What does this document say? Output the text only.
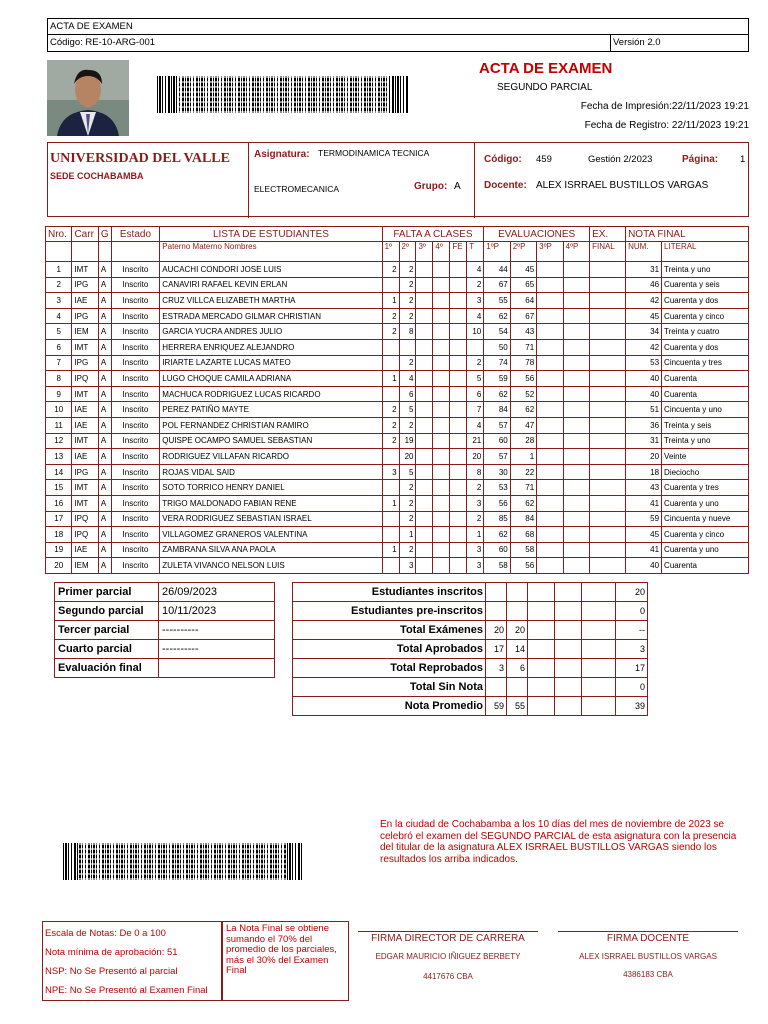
ACTA DE EXAMEN
Código: RE-10-ARG-001	Versión 2.0
ACTA DE EXAMEN
SEGUNDO PARCIAL
Fecha de Impresión:22/11/2023 19:21
Fecha de Registro: 22/11/2023 19:21
UNIVERSIDAD DEL VALLE
SEDE COCHABAMBA
Asignatura: TERMODINAMICA TECNICA
ELECTROMECANICA	Grupo: A
Código: 459	Gestión 2/2023	Página: 1
Docente: ALEX ISRRAEL BUSTILLOS VARGAS
Nro.	Carr	G	Estado	LISTA DE ESTUDIANTES	FALTA A CLASES						EVALUACIONES				EX.	NOTA FINAL	
				Paterno Materno Nombres	1º	2º	3º	4º	FE	T	1ºP	2ºP	3ºP	4ºP	FINAL	NUM.	LITERAL
1	IMT	A	Inscrito	AUCACHI CONDORI JOSE LUIS	2	2				4	44	45				31	Treinta y uno
2	IPG	A	Inscrito	CANAVIRI RAFAEL KEVIN ERLAN		2				2	67	65				46	Cuarenta y seis
3	IAE	A	Inscrito	CRUZ VILLCA ELIZABETH MARTHA	1	2				3	55	64				42	Cuarenta y dos
4	IPG	A	Inscrito	ESTRADA MERCADO GILMAR CHRISTIAN	2	2				4	62	67				45	Cuarenta y cinco
5	IEM	A	Inscrito	GARCIA YUCRA ANDRES JULIO	2	8				10	54	43				34	Treinta y cuatro
6	IMT	A	Inscrito	HERRERA ENRIQUEZ ALEJANDRO							50	71				42	Cuarenta y dos
7	IPG	A	Inscrito	IRIARTE LAZARTE LUCAS MATEO		2				2	74	78				53	Cincuenta y tres
8	IPQ	A	Inscrito	LUGO CHOQUE CAMILA ADRIANA	1	4				5	59	56				40	Cuarenta
9	IMT	A	Inscrito	MACHUCA RODRIGUEZ LUCAS RICARDO		6				6	62	52				40	Cuarenta
10	IAE	A	Inscrito	PEREZ PATIÑO MAYTE	2	5				7	84	62				51	Cincuenta y uno
11	IAE	A	Inscrito	POL FERNANDEZ CHRISTIAN RAMIRO	2	2				4	57	47				36	Treinta y seis
12	IMT	A	Inscrito	QUISPE OCAMPO SAMUEL SEBASTIAN	2	19				21	60	28				31	Treinta y uno
13	IAE	A	Inscrito	RODRIGUEZ VILLAFAN RICARDO		20				20	57	1				20	Veinte
14	IPG	A	Inscrito	ROJAS VIDAL SAID	3	5				8	30	22				18	Dieciocho
15	IMT	A	Inscrito	SOTO TORRICO HENRY DANIEL		2				2	53	71				43	Cuarenta y tres
16	IMT	A	Inscrito	TRIGO MALDONADO FABIAN RENE	1	2				3	56	62				41	Cuarenta y uno
17	IPQ	A	Inscrito	VERA RODRIGUEZ SEBASTIAN ISRAEL		2				2	85	84				59	Cincuenta y nueve
18	IPQ	A	Inscrito	VILLAGOMEZ GRANEROS VALENTINA		1				1	62	68				45	Cuarenta y cinco
19	IAE	A	Inscrito	ZAMBRANA SILVA ANA PAOLA	1	2				3	60	58				41	Cuarenta y uno
20	IEM	A	Inscrito	ZULETA VIVANCO NELSON LUIS		3				3	58	56				40	Cuarenta
Primer parcial	26/09/2023
Segundo parcial	10/11/2023
Tercer parcial	----------
Cuarto parcial	----------
Evaluación final	
Estudiantes inscritos						20
Estudiantes pre-inscritos						0
Total Exámenes	20	20				--
Total Aprobados	17	14				3
Total Reprobados	3	6				17
Total Sin Nota						0
Nota Promedio	59	55				39
En la ciudad de Cochabamba a los 10 días del mes de noviembre de 2023 se celebró el examen del SEGUNDO PARCIAL de esta asignatura con la presencia del titular de la asignatura ALEX ISRRAEL BUSTILLOS VARGAS siendo los resultados los arriba indicados.
Escala de Notas: De 0 a 100
Nota mínima de aprobación: 51
NSP: No Se Presentó al parcial
NPE: No Se Presentó al Examen Final
La Nota Final se obtiene sumando el 70% del promedio de los parciales, más el 30% del Examen Final
FIRMA DIRECTOR DE CARRERA
EDGAR MAURICIO IÑIGUEZ BERBETY
4417676 CBA
FIRMA DOCENTE
ALEX ISRRAEL BUSTILLOS VARGAS
4386183 CBA
